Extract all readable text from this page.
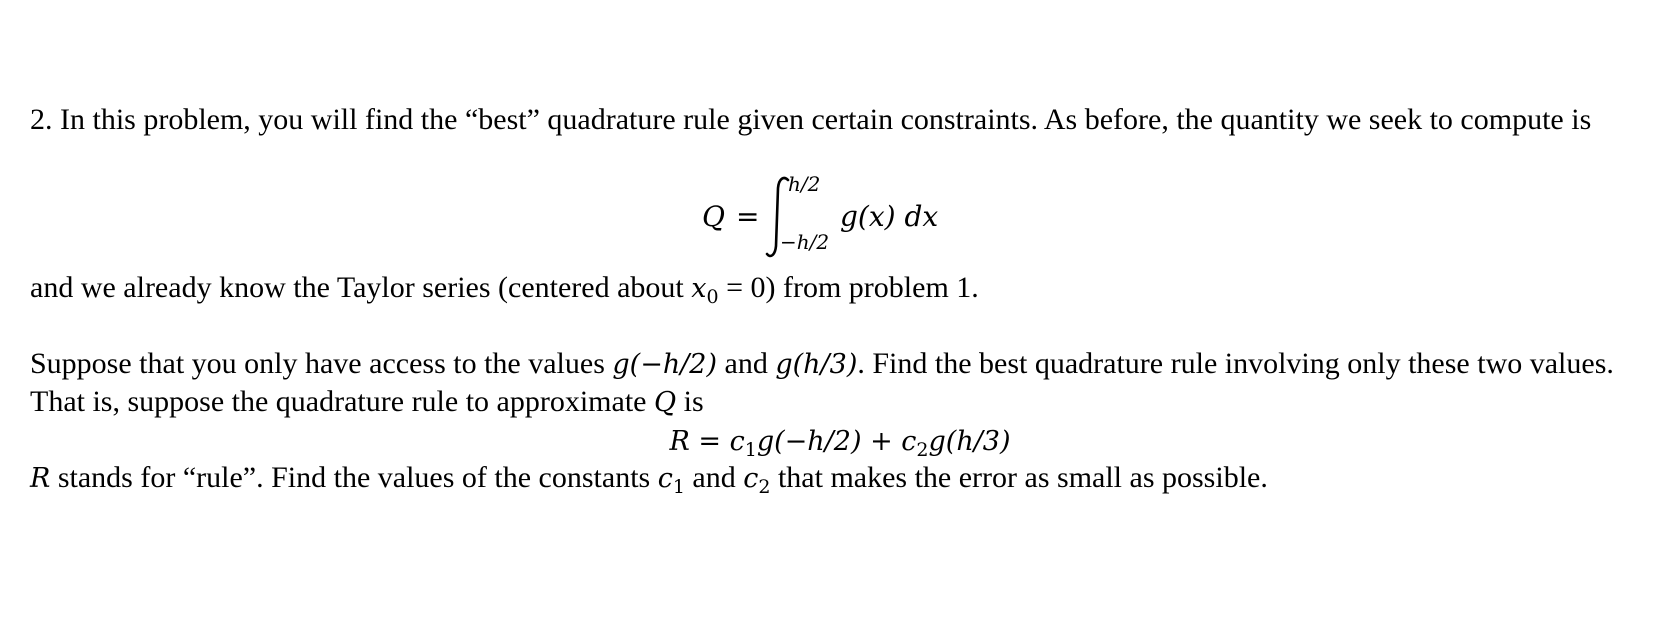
2. In this problem, you will find the “best” quadrature rule given certain constraints. As before, the quantity we seek to compute is

Q =
h/2
−h/2
g(x) dx

and we already know the Taylor series (centered about $x_0 = 0$) from problem 1.

Suppose that you only have access to the values g(−h/2) and g(h/3). Find the best quadrature rule involving only these two values. That is, suppose the quadrature rule to approximate Q is

$R = c_1g(-h/2) + c_2g(h/3)$

R stands for “rule”. Find the values of the constants $c_1$ and $c_2$ that makes the error as small as possible.
